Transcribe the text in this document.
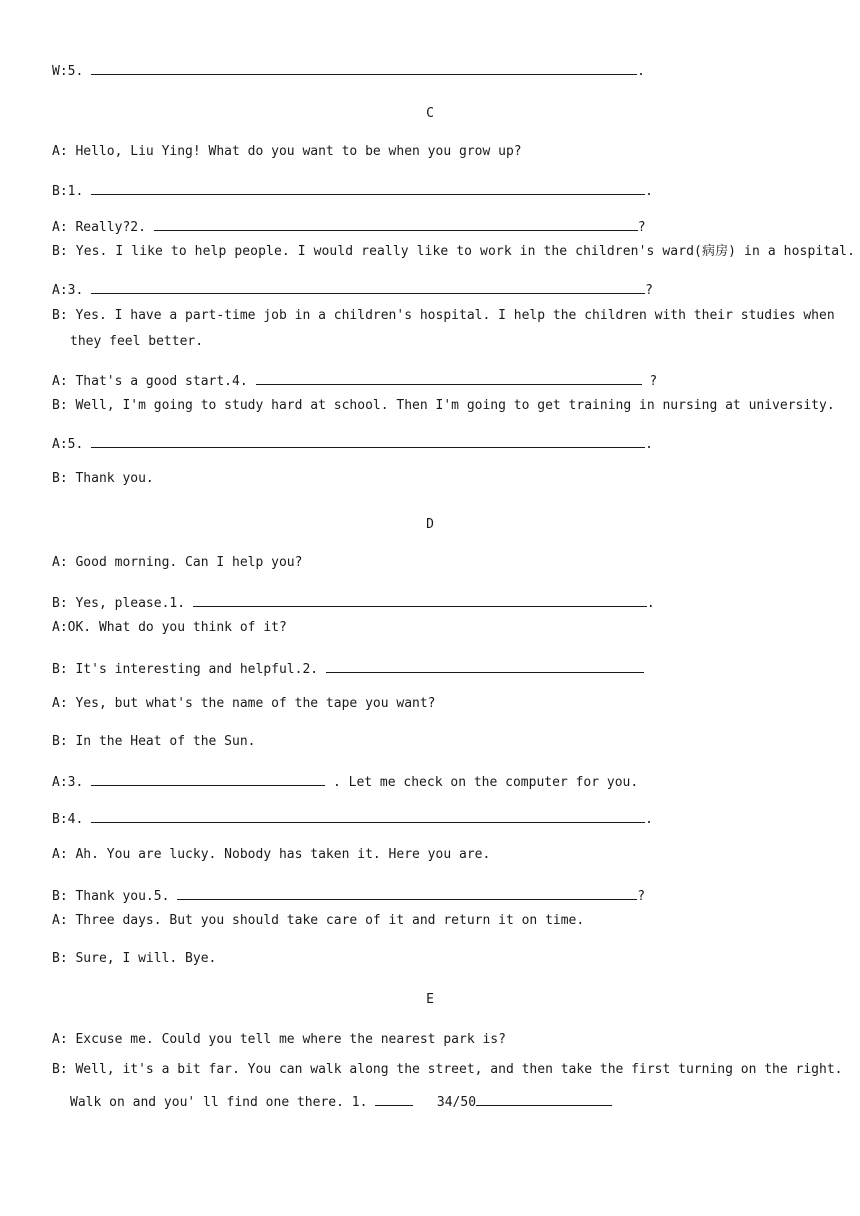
W:5.	.
C
A: Hello, Liu Ying! What do you want to be when you grow up?
B:1.	.
A: Really?2.	?
B: Yes. I like to help people. I would really like to work in the children's ward(病房) in a hospital.
A:3.	?
B: Yes. I have a part-time job in a children's hospital. I help the children with their studies when
they feel better.
A: That's a good start.4.	?
B: Well, I'm going to study hard at school. Then I'm going to get training in nursing at university.
A:5.	.
B: Thank you.
D
A: Good morning. Can I help you?
B: Yes, please.1.	.
A:OK. What do you think of it?
B: It's interesting and helpful.2.
A: Yes, but what's the name of the tape you want?
B: In the Heat of the Sun.
A:3.	. Let me check on the computer for you.
B:4.	.
A: Ah. You are lucky. Nobody has taken it. Here you are.
B: Thank you.5.	?
A: Three days. But you should take care of it and return it on time.
B: Sure, I will. Bye.
E
A: Excuse me. Could you tell me where the nearest park is?
B: Well, it's a bit far. You can walk along the street, and then take the first turning on the right.
Walk on and you' ll find one there. 1.	34/50
